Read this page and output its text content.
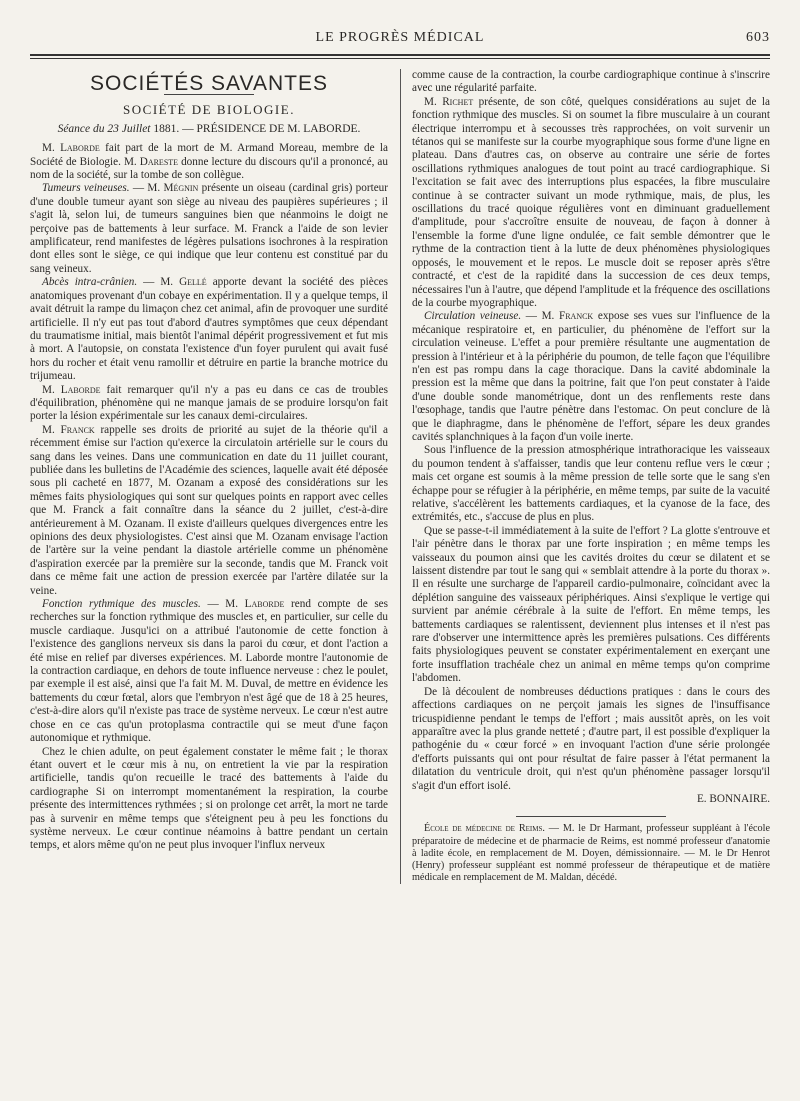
LE PROGRÈS MÉDICAL	603
SOCIÉTÉS SAVANTES
SOCIÉTÉ DE BIOLOGIE.

Séance du 23 Juillet 1881. — PRÉSIDENCE DE M. LABORDE.

M. Laborde fait part de la mort de M. Armand Moreau, membre de la Société de Biologie. M. Dareste donne lecture du discours qu'il a prononcé, au nom de la société, sur la tombe de son collègue.

Tumeurs veineuses. — M. Mégnin présente un oiseau (cardinal gris) porteur d'une double tumeur ayant son siège au niveau des paupières supérieures ; il s'agit là, selon lui, de tumeurs sanguines bien que néanmoins le doigt ne perçoive pas de battements à leur surface. M. Franck a l'aide de son levier amplificateur, rend manifestes de légères pulsations isochrones à la respiration dont elles sont le siège, ce qui indique que leur contenu est constitué par du sang veineux.

Abcès intra-crânien. — M. Gellé apporte devant la société des pièces anatomiques provenant d'un cobaye en expérimentation. Il y a quelque temps, il avait détruit la rampe du limaçon chez cet animal, afin de provoquer une surdité artificielle. Il n'y eut pas tout d'abord d'autres symptômes que ceux dépendant du traumatisme initial, mais bientôt l'animal dépérit progressivement et fut mis à mort. A l'autopsie, on constata l'existence d'un foyer purulent qui avait fusé hors du rocher et était venu ramollir et détruire en partie la branche motrice du trijumeau.

M. Laborde fait remarquer qu'il n'y a pas eu dans ce cas de troubles d'équilibration, phénomène qui ne manque jamais de se produire lorsqu'on fait porter la lésion expérimentale sur les canaux demi-circulaires.

M. Franck rappelle ses droits de priorité au sujet de la théorie qu'il a récemment émise sur l'action qu'exerce la circulatoin artérielle sur le cours du sang dans les veines. Dans une communication en date du 11 juillet courant, publiée dans les bulletins de l'Académie des sciences, laquelle avait été déposée sous pli cacheté en 1877, M. Ozanam a exposé des considérations sur les mêmes faits physiologiques qui sont sur quelques points en rapport avec celles que M. Franck a fait connaître dans la séance du 2 juillet, c'est-à-dire antérieurement à M. Ozanam. Il existe d'ailleurs quelques divergences entre les opinions des deux physiologistes. C'est ainsi que M. Ozanam envisage l'action de l'artère sur la veine pendant la diastole artérielle comme un phénomène d'aspiration exercée par la première sur la seconde, tandis que M. Franck voit dans ce même fait une action de pression exercée par l'artère dilatée sur la veine.

Fonction rythmique des muscles. — M. Laborde rend compte de ses recherches sur la fonction rythmique des muscles et, en particulier, sur celle du muscle cardiaque. Jusqu'ici on a attribué l'autonomie de cette fonction à l'existence des ganglions nerveux sis dans la paroi du cœur, et dont l'action a été mise en relief par diverses expériences. M. Laborde montre l'autonomie de la contraction cardiaque, en dehors de toute influence nerveuse : chez le poulet, par exemple il est aisé, ainsi que l'a fait M. M. Duval, de mettre en évidence les battements du cœur fœtal, alors que l'embryon n'est âgé que de 18 à 25 heures, c'est-à-dire alors qu'il n'existe pas trace de système nerveux. Le cœur n'est autre chose en ce cas qu'un protoplasma contractile qui se meut d'une façon autonomique et rythmique.

Chez le chien adulte, on peut également constater le même fait ; le thorax étant ouvert et le cœur mis à nu, on entretient la vie par la respiration artificielle, tandis qu'on recueille le tracé des battements à l'aide du cardiographe Si on interrompt momentanément la respiration, la courbe présente des intermittences rythmées ; si on prolonge cet arrêt, la mort ne tarde pas à survenir en même temps que s'éteignent peu à peu les fonctions du système nerveux. Le cœur continue néamoins à battre pendant un certain temps, et alors même qu'on ne peut plus invoquer l'influx nerveux

comme cause de la contraction, la courbe cardiographique continue à s'inscrire avec une régularité parfaite.

M. Richet présente, de son côté, quelques considérations au sujet de la fonction rythmique des muscles. Si on soumet la fibre musculaire à un courant électrique interrompu et à secousses très rapprochées, on voit survenir un tétanos qui se manifeste sur la courbe myographique sous forme d'une ligne en plateau. Dans d'autres cas, on observe au contraire une série de fortes oscillations rythmiques analogues de tout point au tracé cardiographique. Si l'excitation se fait avec des interruptions plus espacées, la fibre musculaire continue à se contracter suivant un mode rythmique, mais, de plus, les oscillations du tracé quoique régulières vont en diminuant graduellement d'amplitude, pour s'accroître ensuite de nouveau, de façon à donner à l'ensemble la forme d'une ligne ondulée, ce fait semble démontrer que le rythme de la contraction tient à la lutte de deux phénomènes physiologiques opposés, le mouvement et le repos. Le muscle doit se reposer après s'être contracté, et c'est de la rapidité dans la succession de ces deux temps, nécessaires l'un à l'autre, que dépend l'amplitude et la fréquence des oscillations de la courbe myographique.

Circulation veineuse. — M. Franck expose ses vues sur l'influence de la mécanique respiratoire et, en particulier, du phénomène de l'effort sur la circulation veineuse. L'effet a pour première résultante une augmentation de pression à l'intérieur et à la périphérie du poumon, de telle façon que l'équilibre n'en est pas rompu dans la cage thoracique. Dans la cavité abdominale la pression est la même que dans la poitrine, fait que l'on peut constater à l'aide d'une double sonde manométrique, dont un des renflements reste dans l'œsophage, tandis que l'autre pénètre dans l'estomac. On peut conclure de là que le diaphragme, dans le phénomène de l'effort, sépare les deux grandes cavités splanchniques à la façon d'un voile inerte.

Sous l'influence de la pression atmosphérique intrathoracique les vaisseaux du poumon tendent à s'affaisser, tandis que leur contenu reflue vers le cœur ; mais cet organe est soumis à la même pression de telle sorte que le sang s'en échappe pour se réfugier à la périphérie, en même temps, par suite de la vacuité relative, s'accélèrent les battements cardiaques, et la cyanose de la face, des extrémités, etc., s'accuse de plus en plus.

Que se passe-t-il immédiatement à la suite de l'effort ? La glotte s'entrouve et l'air pénètre dans le thorax par une forte inspiration ; en même temps les vaisseaux du poumon ainsi que les cavités droites du cœur se dilatent et se laissent distendre par tout le sang qui « semblait attendre à la porte du thorax ». Il en résulte une surcharge de l'appareil cardio-pulmonaire, coïncidant avec la déplétion sanguine des vaisseaux périphériques. Ainsi s'explique le vertige qui survient par anémie cérébrale à la suite de l'effort. En même temps, les battements cardiaques se ralentissent, deviennent plus intenses et il n'est pas rare d'observer une intermittence après les premières pulsations. Ces différents faits physiologiques peuvent se constater expérimentalement en exerçant une forte insufflation trachéale chez un animal en même temps qu'on comprime l'abdomen.

De là découlent de nombreuses déductions pratiques : dans le cours des affections cardiaques on ne perçoit jamais les signes de l'insuffisance tricuspidienne pendant le temps de l'effort ; mais aussitôt après, on les voit apparaître avec la plus grande netteté ; d'autre part, il est possible d'expliquer la pathogénie du « cœur forcé » en invoquant l'action d'une série prolongée d'efforts puissants qui ont pour résultat de faire passer à l'état permanent la dilatation du ventricule droit, qui n'est qu'un phénomène passager lorsqu'il s'agit d'un effort isolé.

E. BONNAIRE.

École de médecine de Reims. — M. le Dr Harmant, professeur suppléant à l'école préparatoire de médecine et de pharmacie de Reims, est nommé professeur d'anatomie à ladite école, en remplacement de M. Doyen, démissionnaire. — M. le Dr Henrot (Henry) professeur suppléant est nommé professeur de thérapeutique et de matière médicale en remplacement de M. Maldan, décédé.
